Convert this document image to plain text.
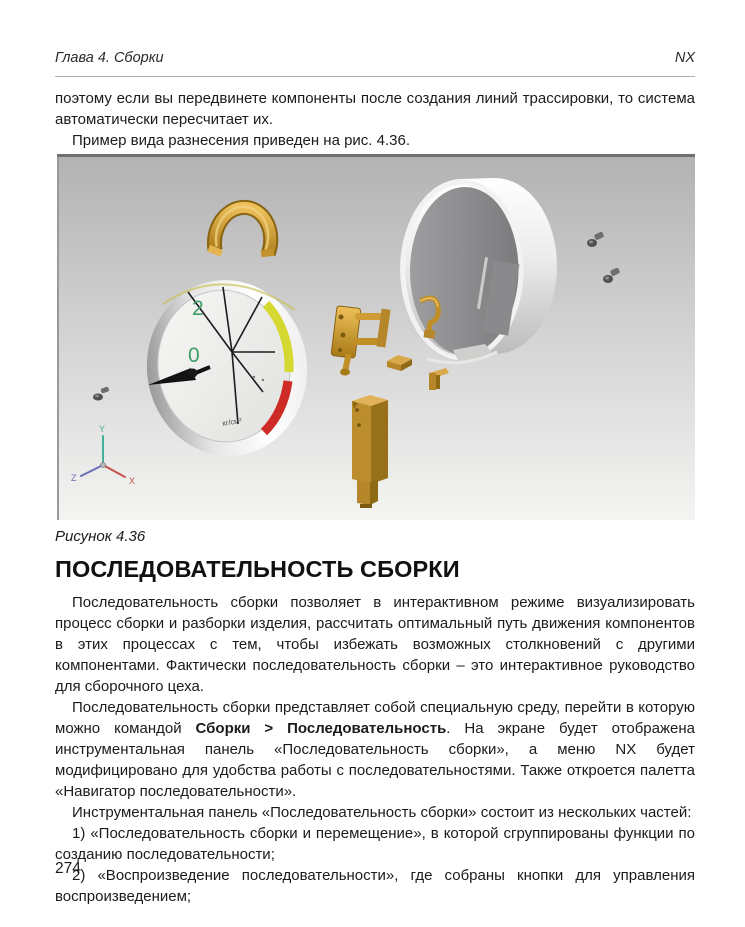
Глава 4. Сборки	NX

поэтому если вы передвинете компоненты после создания линий трассировки, то система автоматически пересчитает их.

Пример вида разнесения приведен на рис. 4.36.

2
0
кг/см²
Y
Z	X

Рисунок 4.36

ПОСЛЕДОВАТЕЛЬНОСТЬ СБОРКИ

Последовательность сборки позволяет в интерактивном режиме визуализировать процесс сборки и разборки изделия, рассчитать оптимальный путь движения компонентов в этих процессах с тем, чтобы избежать возможных столкновений с другими компонентами. Фактически последовательность сборки – это интерактивное руководство для сборочного цеха.

Последовательность сборки представляет собой специальную среду, перейти в которую можно командой Сборки > Последовательность. На экране будет отображена инструментальная панель «Последовательность сборки», а меню NX будет модифицировано для удобства работы с последовательностями. Также откроется палетта «Навигатор последовательности».

Инструментальная панель «Последовательность сборки» состоит из нескольких частей:

1) «Последовательность сборки и перемещение», в которой сгруппированы функции по созданию последовательности;

2) «Воспроизведение последовательности», где собраны кнопки для управления воспроизведением;

274
